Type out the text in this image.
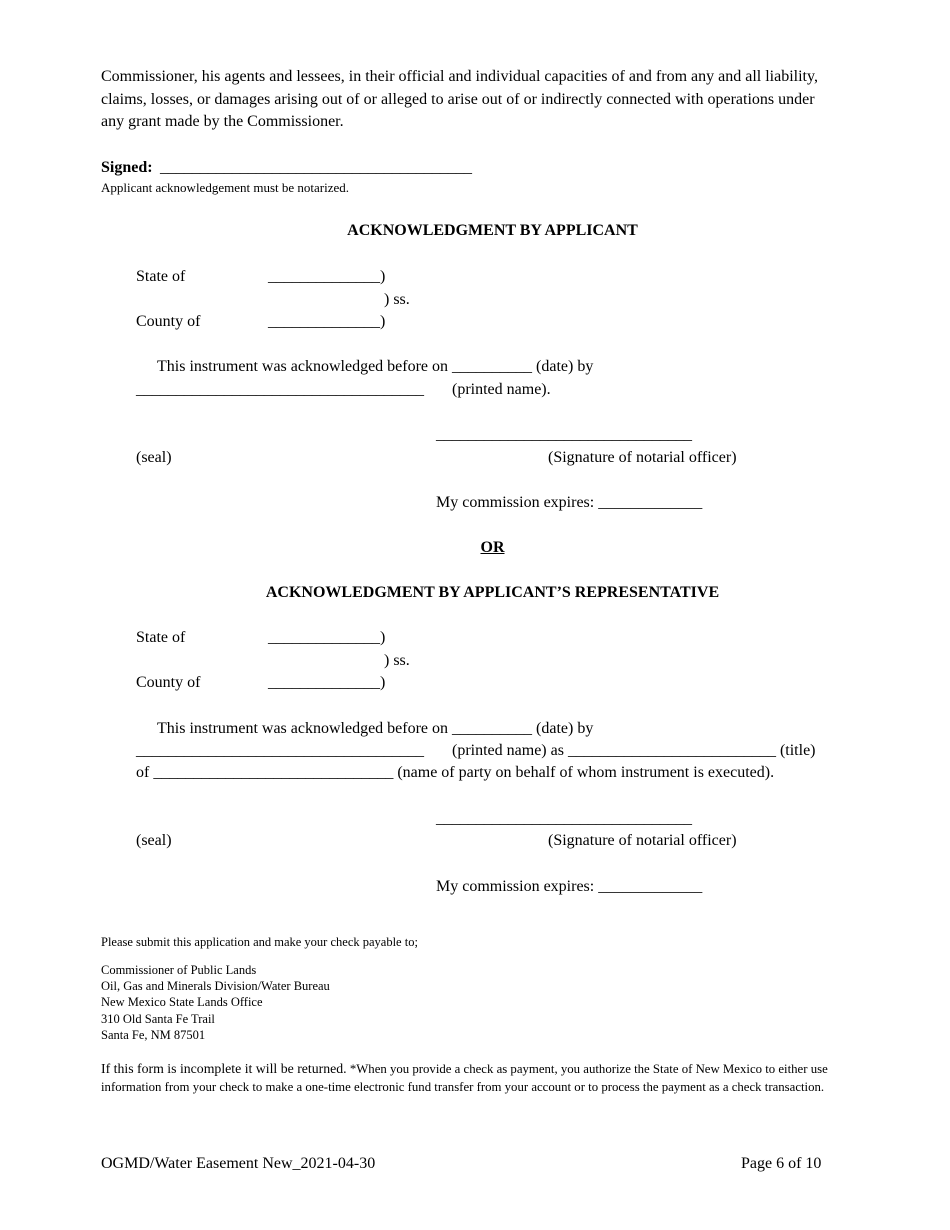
Commissioner, his agents and lessees, in their official and individual capacities of and from any and all liability, claims, losses, or damages arising out of or alleged to arise out of or indirectly connected with operations under any grant made by the Commissioner.
Signed: _______________________________________
Applicant acknowledgement must be notarized.
ACKNOWLEDGMENT BY APPLICANT
State of	______________)
) ss.
County of	______________)
This instrument was acknowledged before on __________ (date) by
____________________________________ (printed name).
________________________________
(seal)	(Signature of notarial officer)
My commission expires: _____________
OR
ACKNOWLEDGMENT BY APPLICANT’S REPRESENTATIVE
State of	______________)
) ss.
County of	______________)
This instrument was acknowledged before on __________ (date) by
____________________________________ (printed name) as __________________________ (title)
of ______________________________ (name of party on behalf of whom instrument is executed).
________________________________
(seal)	(Signature of notarial officer)
My commission expires: _____________
Please submit this application and make your check payable to;
Commissioner of Public Lands
Oil, Gas and Minerals Division/Water Bureau
New Mexico State Lands Office
310 Old Santa Fe Trail
Santa Fe, NM 87501
If this form is incomplete it will be returned. *When you provide a check as payment, you authorize the State of New Mexico to either use information from your check to make a one-time electronic fund transfer from your account or to process the payment as a check transaction.
OGMD/Water Easement New_2021-04-30	Page 6 of 10
